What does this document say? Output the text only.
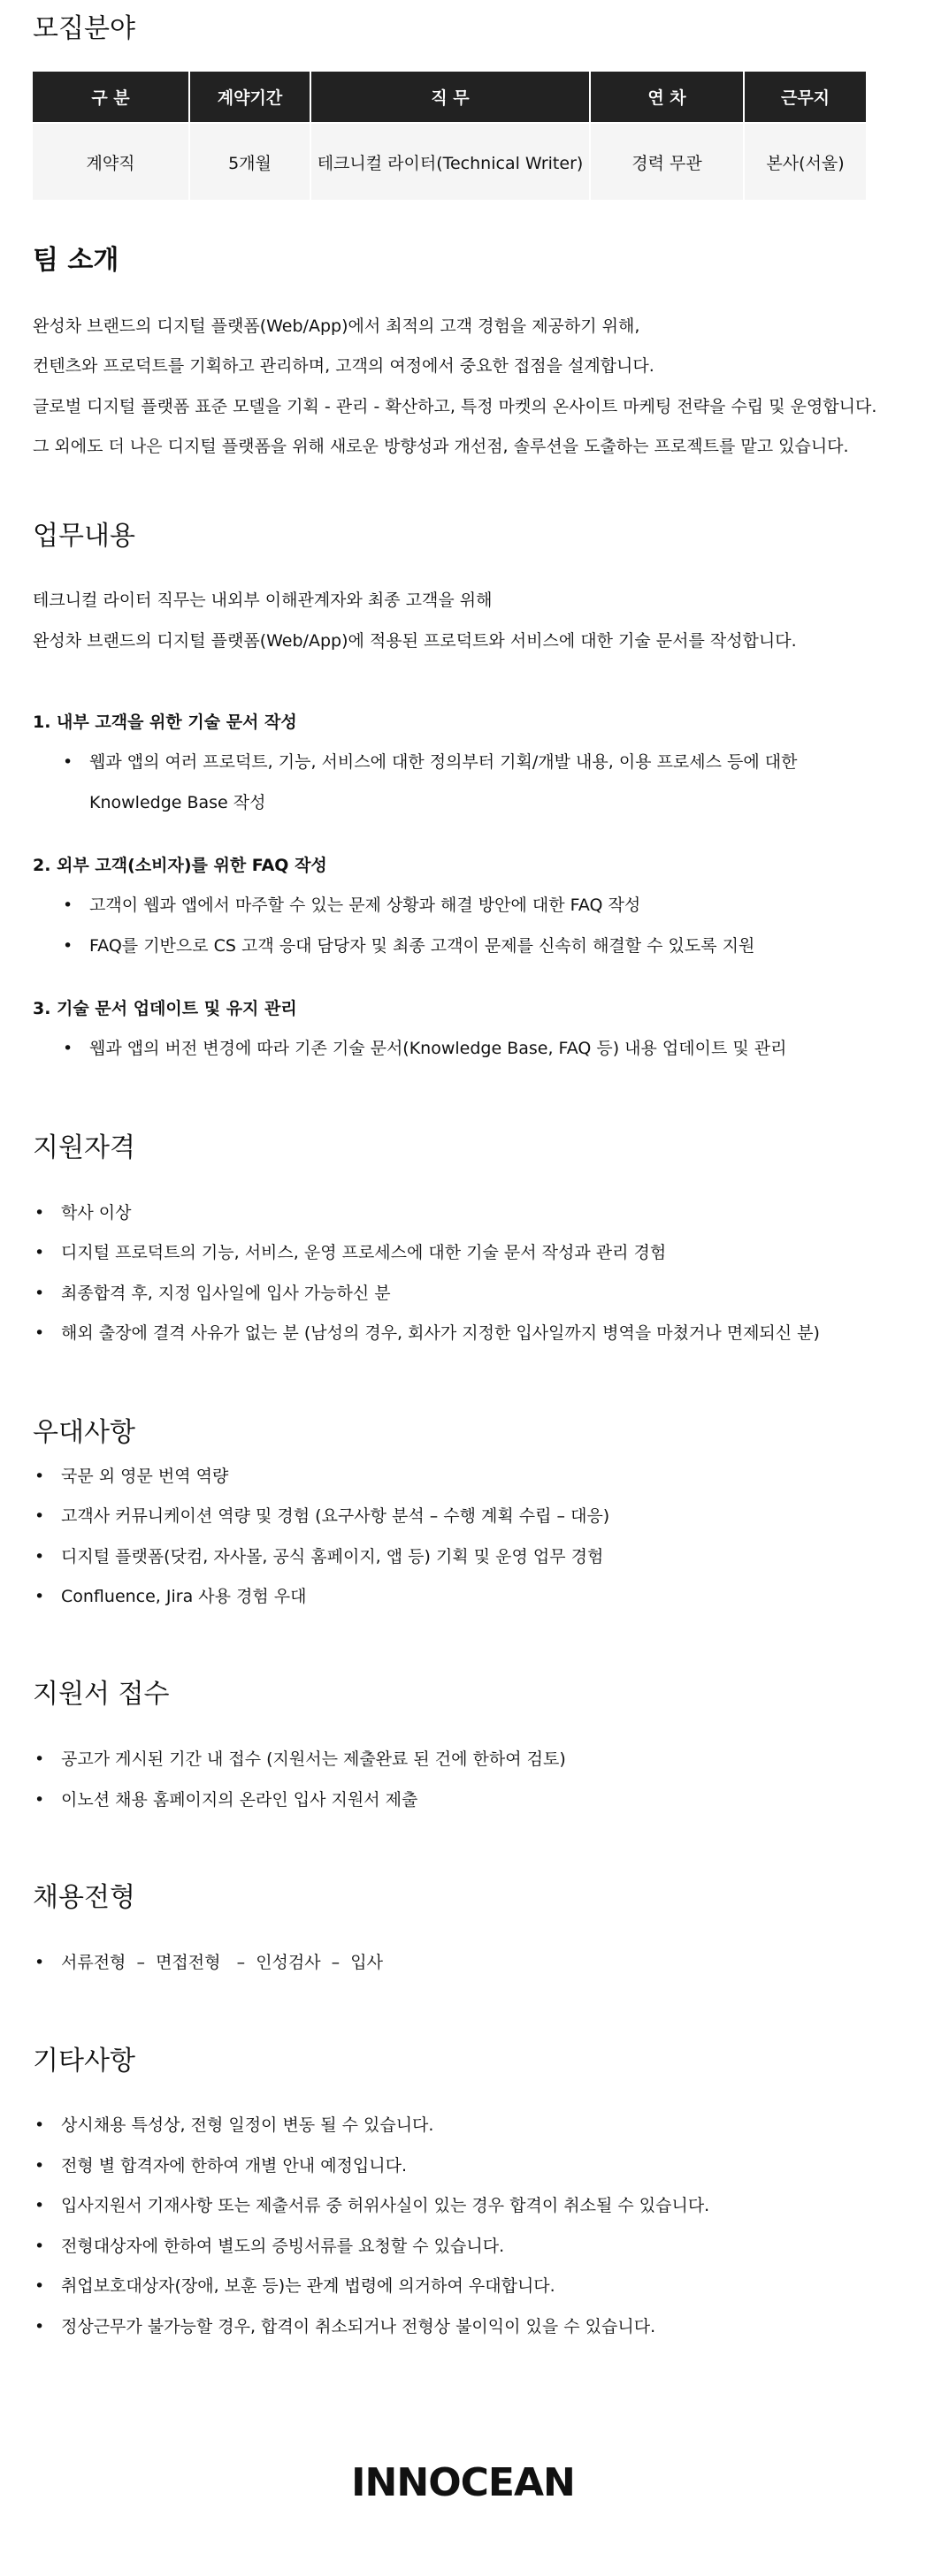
모집분야
구 분	계약기간	직 무	연 차	근무지
계약직	5개월	테크니컬 라이터(Technical Writer)	경력 무관	본사(서울)
팀 소개
완성차 브랜드의 디지털 플랫폼(Web/App)에서 최적의 고객 경험을 제공하기 위해,
컨텐츠와 프로덕트를 기획하고 관리하며, 고객의 여정에서 중요한 접점을 설계합니다.
글로벌 디지털 플랫폼 표준 모델을 기획 - 관리 - 확산하고, 특정 마켓의 온사이트 마케팅 전략을 수립 및 운영합니다.
그 외에도 더 나은 디지털 플랫폼을 위해 새로운 방향성과 개선점, 솔루션을 도출하는 프로젝트를 맡고 있습니다.
업무내용
테크니컬 라이터 직무는 내외부 이해관계자와 최종 고객을 위해
완성차 브랜드의 디지털 플랫폼(Web/App)에 적용된 프로덕트와 서비스에 대한 기술 문서를 작성합니다.
1. 내부 고객을 위한 기술 문서 작성
• 웹과 앱의 여러 프로덕트, 기능, 서비스에 대한 정의부터 기획/개발 내용, 이용 프로세스 등에 대한
Knowledge Base 작성
2. 외부 고객(소비자)를 위한 FAQ 작성
• 고객이 웹과 앱에서 마주할 수 있는 문제 상황과 해결 방안에 대한 FAQ 작성
• FAQ를 기반으로 CS 고객 응대 담당자 및 최종 고객이 문제를 신속히 해결할 수 있도록 지원
3. 기술 문서 업데이트 및 유지 관리
• 웹과 앱의 버전 변경에 따라 기존 기술 문서(Knowledge Base, FAQ 등) 내용 업데이트 및 관리
지원자격
• 학사 이상
• 디지털 프로덕트의 기능, 서비스, 운영 프로세스에 대한 기술 문서 작성과 관리 경험
• 최종합격 후, 지정 입사일에 입사 가능하신 분
• 해외 출장에 결격 사유가 없는 분 (남성의 경우, 회사가 지정한 입사일까지 병역을 마쳤거나 면제되신 분)
우대사항
• 국문 외 영문 번역 역량
• 고객사 커뮤니케이션 역량 및 경험 (요구사항 분석 – 수행 계획 수립 – 대응)
• 디지털 플랫폼(닷컴, 자사몰, 공식 홈페이지, 앱 등) 기획 및 운영 업무 경험
• Confluence, Jira 사용 경험 우대
지원서 접수
• 공고가 게시된 기간 내 접수 (지원서는 제출완료 된 건에 한하여 검토)
• 이노션 채용 홈페이지의 온라인 입사 지원서 제출
채용전형
• 서류전형  –  면접전형   –  인성검사  –  입사
기타사항
• 상시채용 특성상, 전형 일정이 변동 될 수 있습니다.
• 전형 별 합격자에 한하여 개별 안내 예정입니다.
• 입사지원서 기재사항 또는 제출서류 중 허위사실이 있는 경우 합격이 취소될 수 있습니다.
• 전형대상자에 한하여 별도의 증빙서류를 요청할 수 있습니다.
• 취업보호대상자(장애, 보훈 등)는 관계 법령에 의거하여 우대합니다.
• 정상근무가 불가능할 경우, 합격이 취소되거나 전형상 불이익이 있을 수 있습니다.
INNOCEAN
